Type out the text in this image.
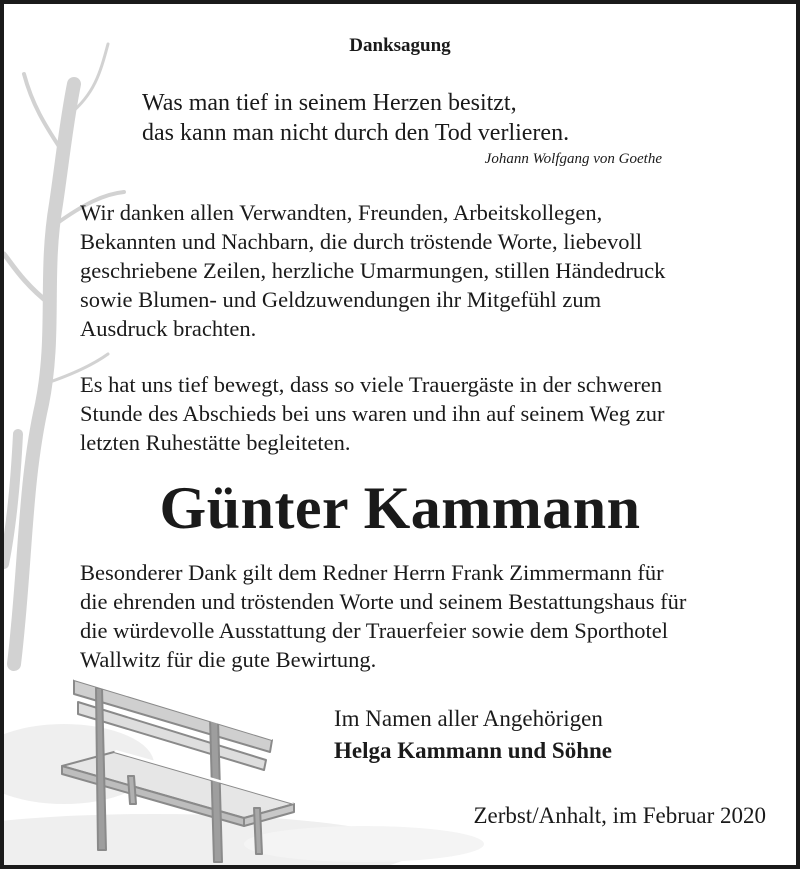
Danksagung
Was man tief in seinem Herzen besitzt,
das kann man nicht durch den Tod verlieren.
Johann Wolfgang von Goethe
Wir danken allen Verwandten, Freunden, Arbeitskollegen,
Bekannten und Nachbarn, die durch tröstende Worte, liebevoll
geschriebene Zeilen, herzliche Umarmungen, stillen Händedruck
sowie Blumen- und Geldzuwendungen ihr Mitgefühl zum
Ausdruck brachten.
Es hat uns tief bewegt, dass so viele Trauergäste in der schweren
Stunde des Abschieds bei uns waren und ihn auf seinem Weg zur
letzten Ruhestätte begleiteten.
Günter Kammann
Besonderer Dank gilt dem Redner Herrn Frank Zimmermann für
die ehrenden und tröstenden Worte und seinem Bestattungshaus für
die würdevolle Ausstattung der Trauerfeier sowie dem Sporthotel
Wallwitz für die gute Bewirtung.
Im Namen aller Angehörigen
Helga Kammann und Söhne
Zerbst/Anhalt, im Februar 2020
